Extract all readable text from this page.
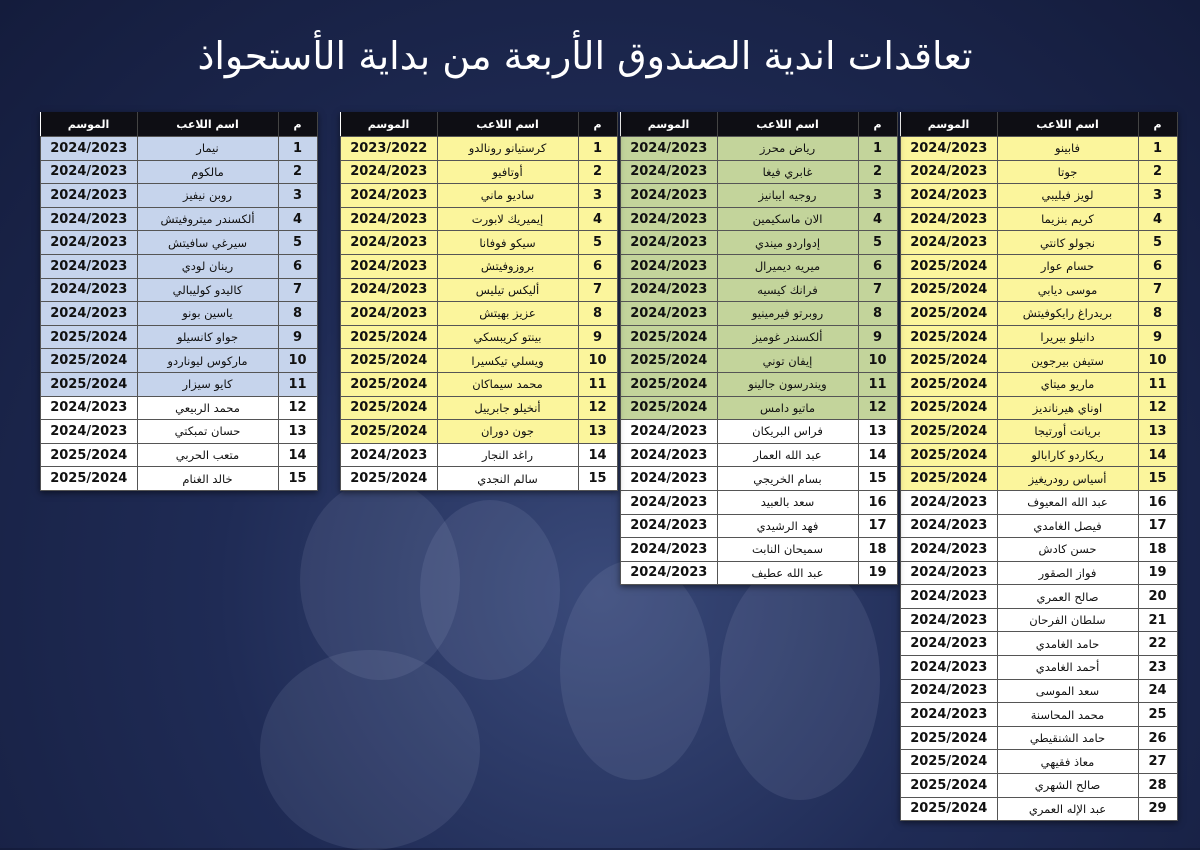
تعاقدات اندية الصندوق الأربعة من بداية الأستحواذ
م	اسم اللاعب	الموسم
1	فابينو	2024/2023
2	جوتا	2024/2023
3	لويز فيليبي	2024/2023
4	كريم بنزيما	2024/2023
5	نجولو كانتي	2024/2023
6	حسام عوار	2025/2024
7	موسى ديابي	2025/2024
8	بريدراغ رايكوفيتش	2025/2024
9	دانيلو بيريرا	2025/2024
10	ستيفن بيرجوين	2025/2024
11	ماريو ميتاي	2025/2024
12	اوناي هيرنانديز	2025/2024
13	بريانت أورتيجا	2025/2024
14	ريكاردو كارابالو	2025/2024
15	أسياس رودريغيز	2025/2024
16	عبد الله المعيوف	2024/2023
17	فيصل الغامدي	2024/2023
18	حسن كادش	2024/2023
19	فواز الصقور	2024/2023
20	صالح العمري	2024/2023
21	سلطان الفرحان	2024/2023
22	حامد الغامدي	2024/2023
23	أحمد الغامدي	2024/2023
24	سعد الموسى	2024/2023
25	محمد المحاسنة	2024/2023
26	حامد الشنقيطي	2025/2024
27	معاذ فقيهي	2025/2024
28	صالح الشهري	2025/2024
29	عبد الإله العمري	2025/2024
م	اسم اللاعب	الموسم
1	رياض محرز	2024/2023
2	غابري فيغا	2024/2023
3	روجيه ايبانيز	2024/2023
4	الان ماسكيمين	2024/2023
5	إدواردو ميندي	2024/2023
6	ميريه ديميرال	2024/2023
7	فرانك كيسيه	2024/2023
8	روبرتو فيرمينيو	2024/2023
9	ألكسندر غوميز	2025/2024
10	إيفان توني	2025/2024
11	ويندرسون جالينو	2025/2024
12	ماتيو دامس	2025/2024
13	فراس البريكان	2024/2023
14	عبد الله العمار	2024/2023
15	بسام الخريجي	2024/2023
16	سعد بالعبيد	2024/2023
17	فهد الرشيدي	2024/2023
18	سميحان النابت	2024/2023
19	عبد الله عطيف	2024/2023
م	اسم اللاعب	الموسم
1	كرستيانو رونالدو	2023/2022
2	أوتافيو	2024/2023
3	ساديو ماني	2024/2023
4	إيميريك لابورت	2024/2023
5	سيكو فوفانا	2024/2023
6	بروزوفيتش	2024/2023
7	أليكس تيليس	2024/2023
8	عزيز بهيتش	2024/2023
9	بينتو كريبسكي	2025/2024
10	ويسلي تيكسيرا	2025/2024
11	محمد سيماكان	2025/2024
12	أنخيلو جابرييل	2025/2024
13	جون دوران	2025/2024
14	راغد النجار	2024/2023
15	سالم النجدي	2025/2024
م	اسم اللاعب	الموسم
1	نيمار	2024/2023
2	مالكوم	2024/2023
3	روبن نيفيز	2024/2023
4	ألكسندر ميتروفيتش	2024/2023
5	سيرغي سافيتش	2024/2023
6	رينان لودي	2024/2023
7	كاليدو كوليبالي	2024/2023
8	ياسين بونو	2024/2023
9	جواو كانسيلو	2025/2024
10	ماركوس ليوناردو	2025/2024
11	كايو سيزار	2025/2024
12	محمد الربيعي	2024/2023
13	حسان تمبكتي	2024/2023
14	متعب الحربي	2025/2024
15	خالد الغنام	2025/2024
